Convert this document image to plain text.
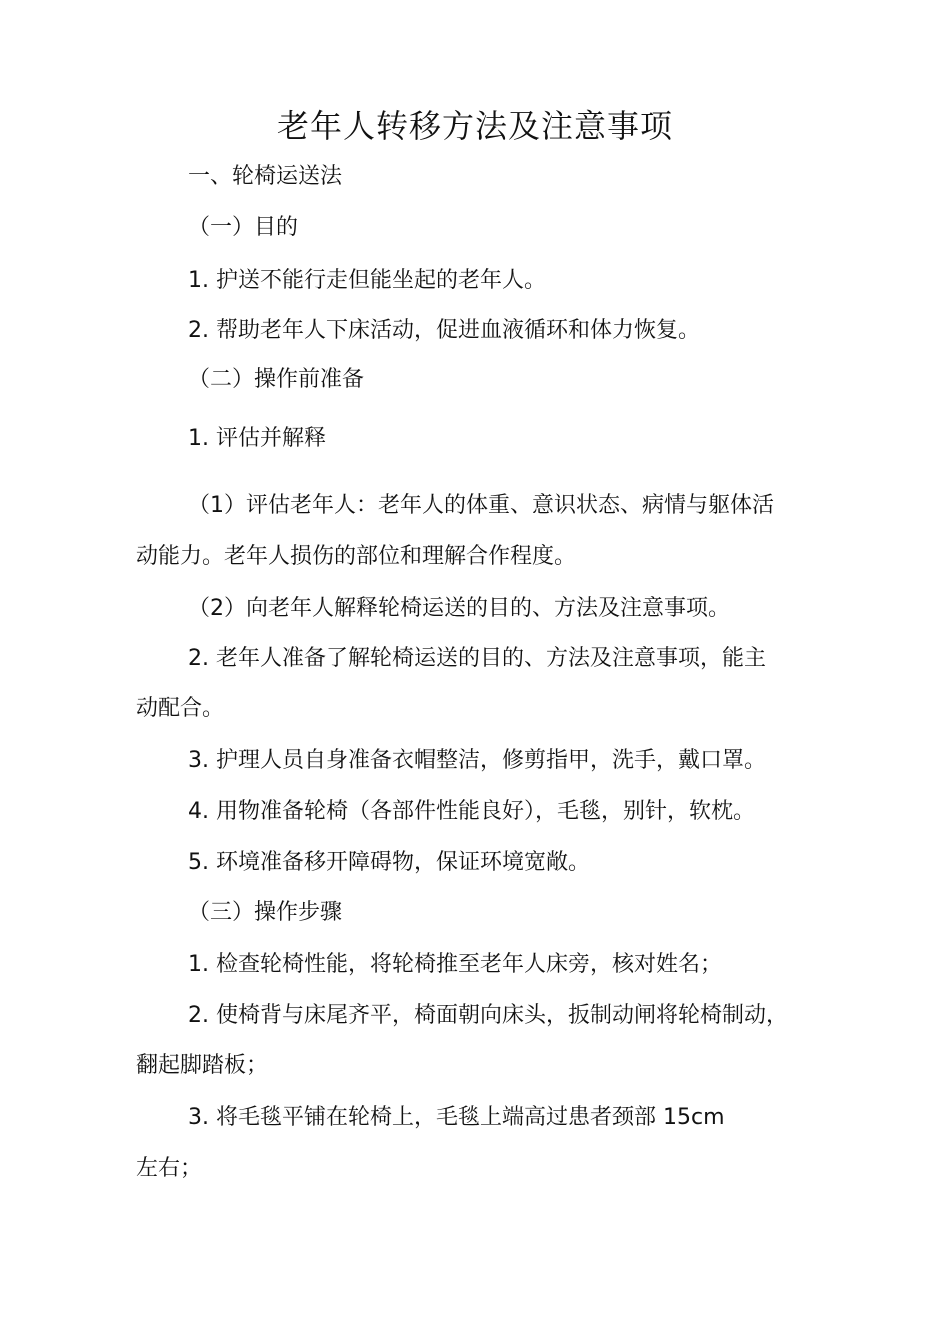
老年人转移方法及注意事项
一、轮椅运送法
（一）目的
1. 护送不能行走但能坐起的老年人。
2. 帮助老年人下床活动，促进血液循环和体力恢复。
（二）操作前准备
1. 评估并解释
（1）评估老年人：老年人的体重、意识状态、病情与躯体活
动能力。老年人损伤的部位和理解合作程度。
（2）向老年人解释轮椅运送的目的、方法及注意事项。
2. 老年人准备了解轮椅运送的目的、方法及注意事项，能主
动配合。
3. 护理人员自身准备衣帽整洁，修剪指甲，洗手，戴口罩。
4. 用物准备轮椅（各部件性能良好），毛毯，别针，软枕。
5. 环境准备移开障碍物，保证环境宽敞。
（三）操作步骤
1. 检查轮椅性能，将轮椅推至老年人床旁，核对姓名；
2. 使椅背与床尾齐平，椅面朝向床头，扳制动闸将轮椅制动，
翻起脚踏板；
3. 将毛毯平铺在轮椅上，毛毯上端高过患者颈部 15cm
左右；
